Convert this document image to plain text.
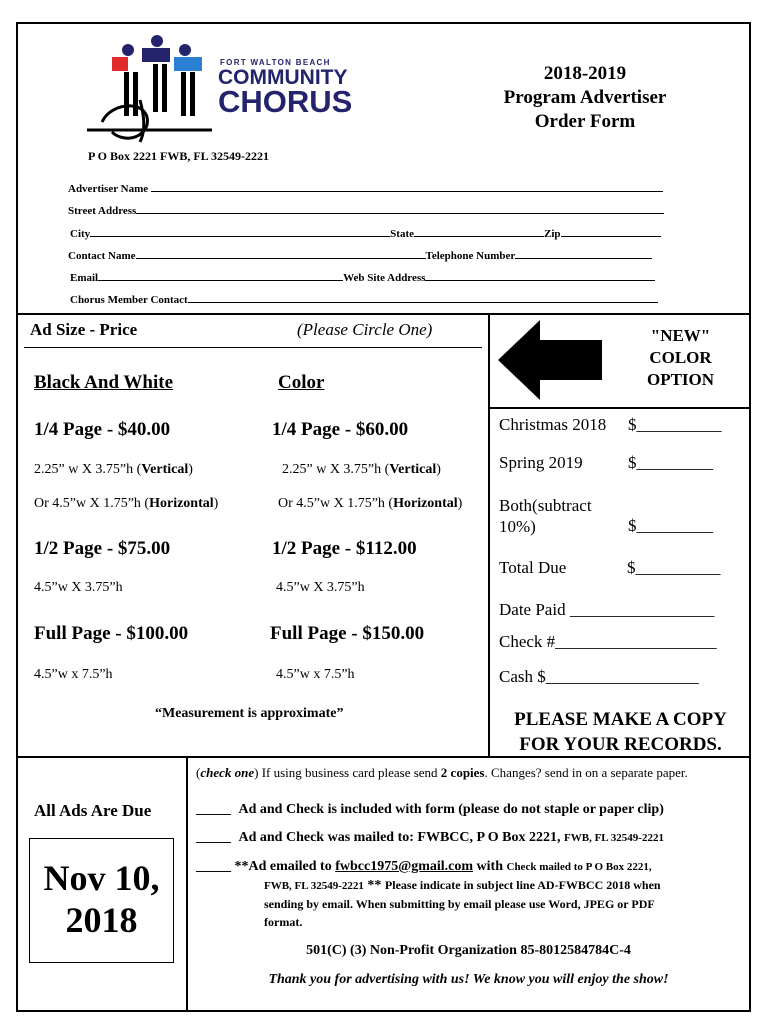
FORT WALTON BEACH
COMMUNITY
CHORUS
2018-2019
Program Advertiser
Order Form
P O Box 2221 FWB, FL 32549-2221
Advertiser Name
Street Address
City	State	Zip
Contact Name	Telephone Number
Email	Web Site Address
Chorus Member Contact
Ad Size - Price	(Please Circle One)
Black And White	Color
1/4 Page - $40.00	1/4 Page - $60.00
2.25” w X 3.75”h (Vertical)	2.25” w X 3.75”h (Vertical)
Or 4.5”w X 1.75”h (Horizontal)	Or 4.5”w X 1.75”h (Horizontal)
1/2 Page - $75.00	1/2 Page - $112.00
4.5”w X 3.75”h	4.5”w X 3.75”h
Full Page - $100.00	Full Page - $150.00
4.5”w x 7.5”h	4.5”w x 7.5”h
“Measurement is approximate”
"NEW"
COLOR
OPTION
Christmas 2018 $__________
Spring 2019	$_________
Both(subtract
10%)	$_________
Total Due	$__________
Date Paid _________________
Check #___________________
Cash $__________________
PLEASE MAKE A COPY
FOR YOUR RECORDS.
All Ads Are Due
Nov 10,
2018
(check one) If using business card please send 2 copies. Changes? send in on a separate paper.
_____ Ad and Check is included with form (please do not staple or paper clip)
_____ Ad and Check was mailed to: FWBCC, P O Box 2221, FWB, FL 32549-2221
_____ **Ad emailed to fwbcc1975@gmail.com with Check mailed to P O Box 2221,
FWB, FL 32549-2221 ** Please indicate in subject line AD-FWBCC 2018 when
sending by email. When submitting by email please use Word, JPEG or PDF
format.
501(C) (3) Non-Profit Organization 85-8012584784C-4
Thank you for advertising with us! We know you will enjoy the show!
